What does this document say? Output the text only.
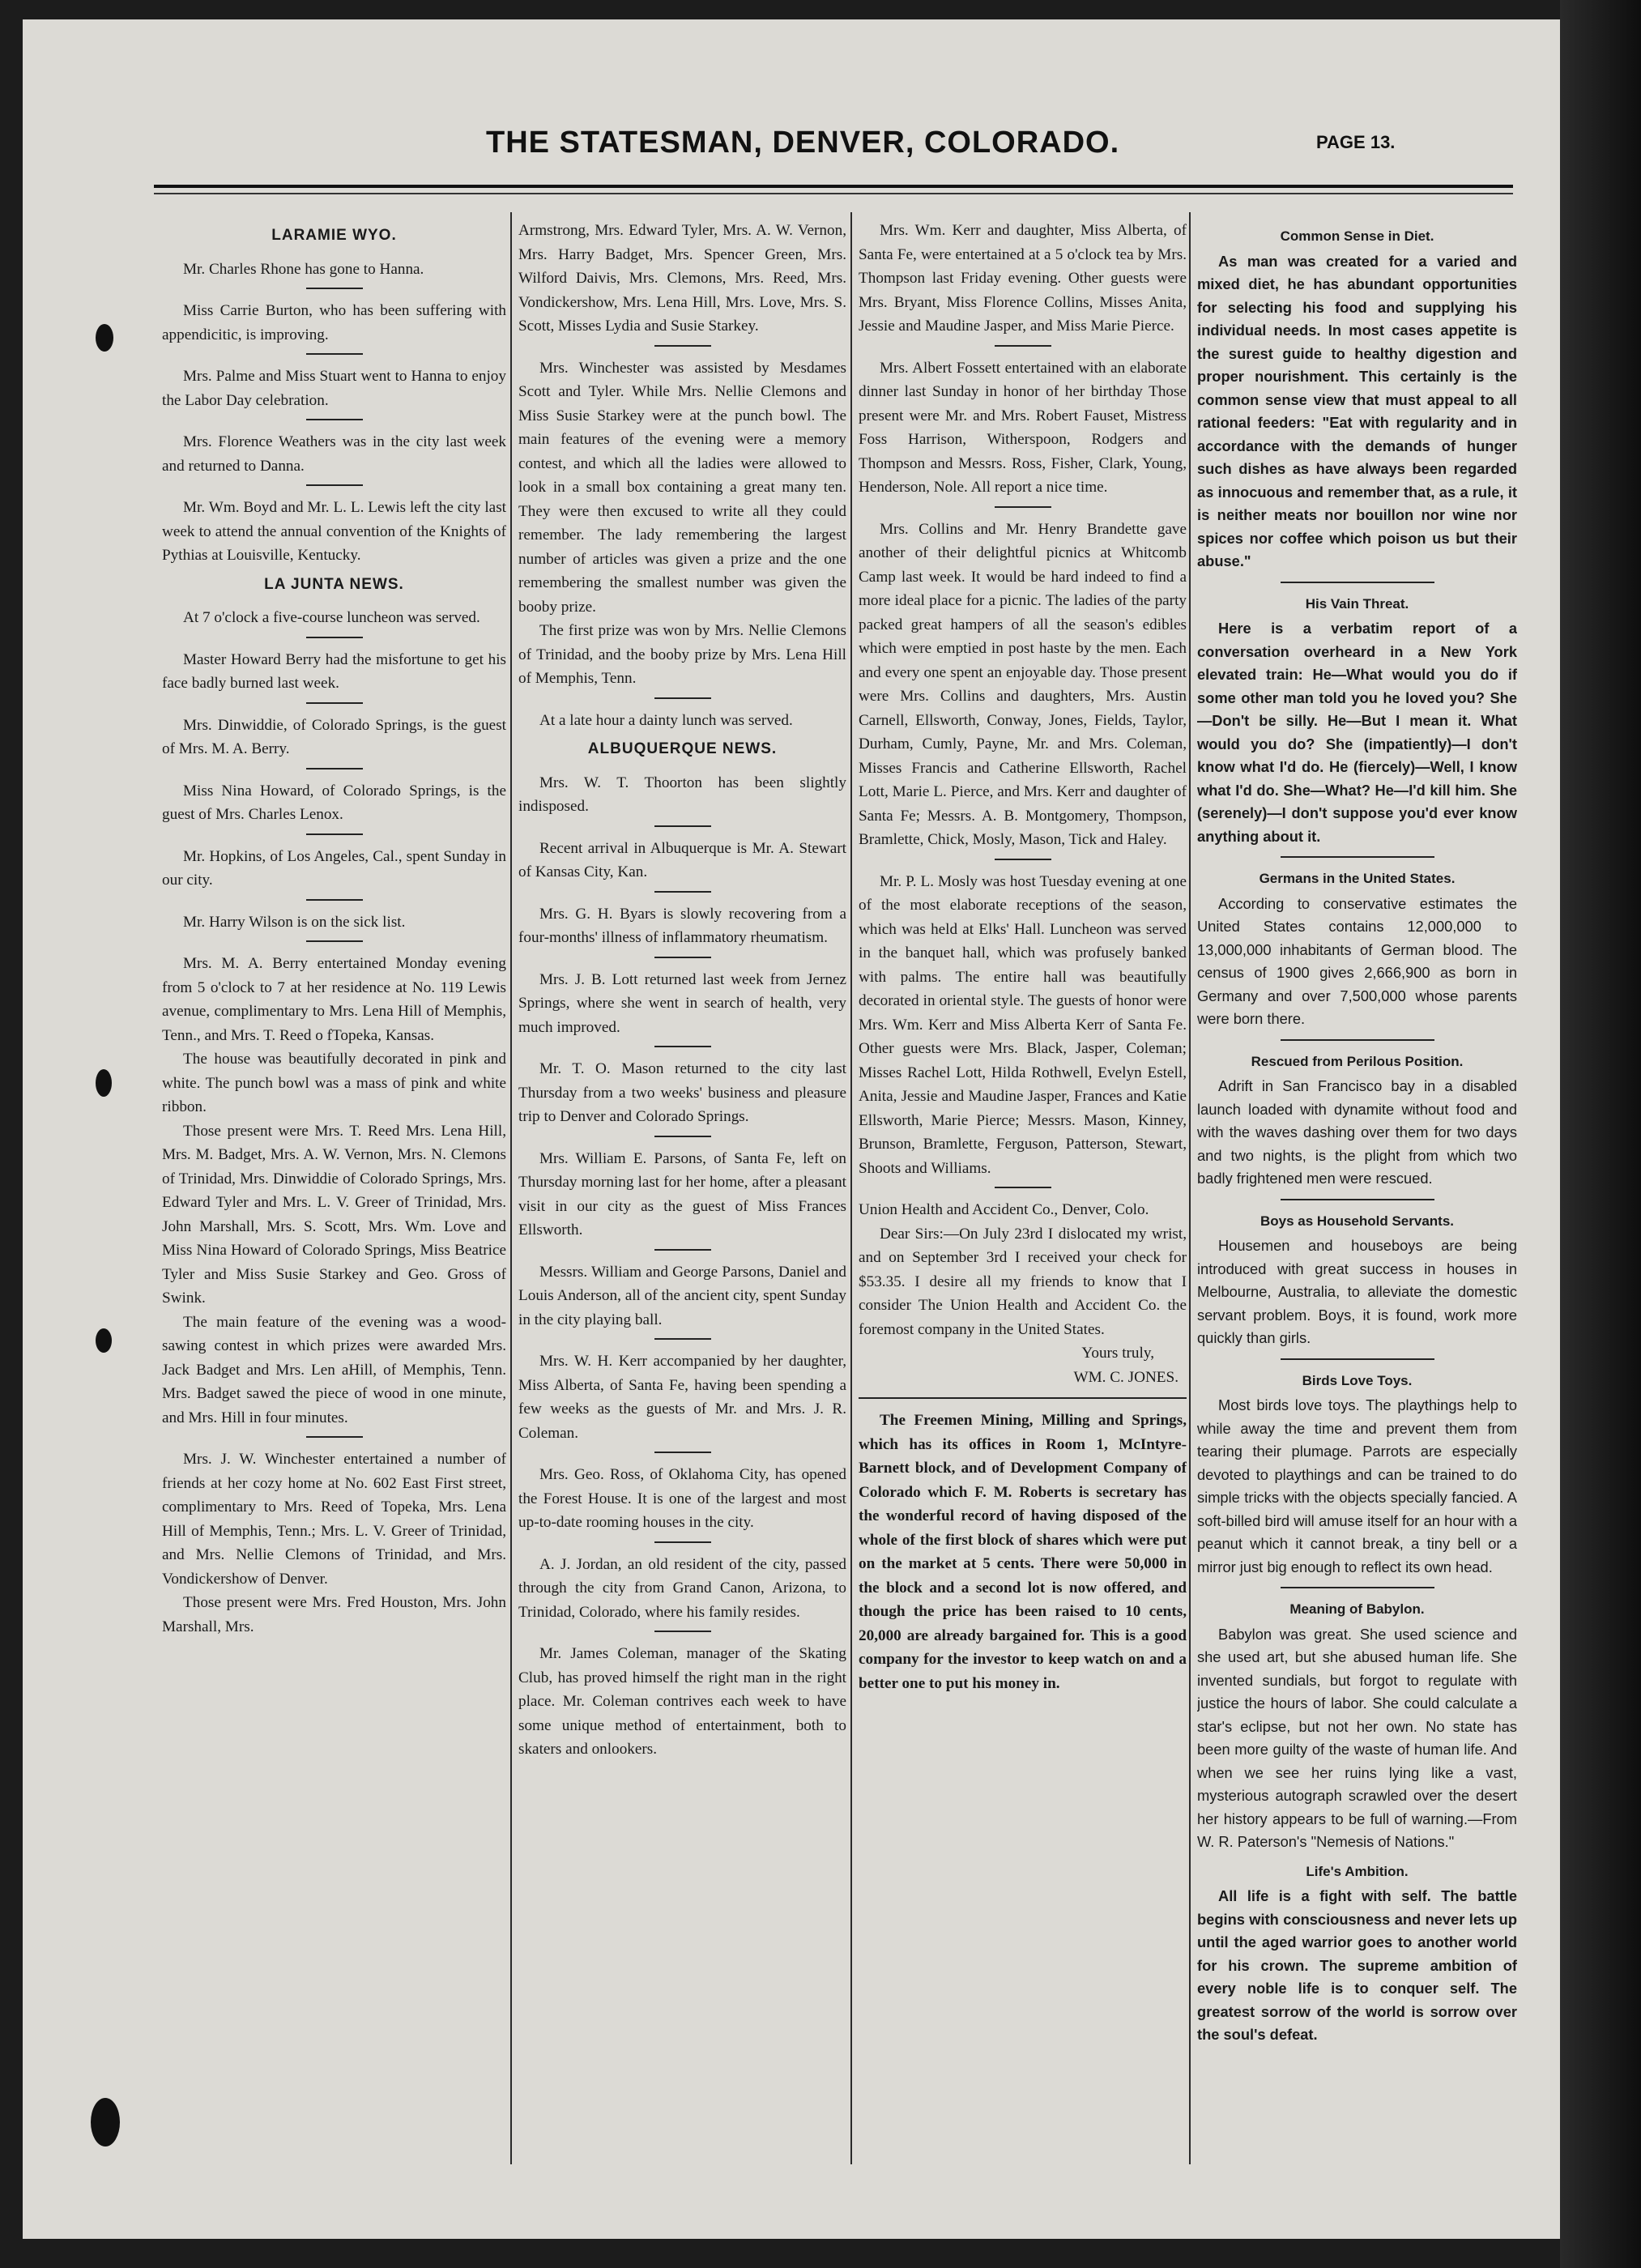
THE STATESMAN, DENVER, COLORADO.	PAGE 13.
LARAMIE WYO.

Mr. Charles Rhone has gone to Hanna.

Miss Carrie Burton, who has been suffering with appendicitic, is improving.

Mrs. Palme and Miss Stuart went to Hanna to enjoy the Labor Day celebration.

Mrs. Florence Weathers was in the city last week and returned to Danna.

Mr. Wm. Boyd and Mr. L. L. Lewis left the city last week to attend the annual convention of the Knights of Pythias at Louisville, Kentucky.

LA JUNTA NEWS.

At 7 o'clock a five-course luncheon was served.

Master Howard Berry had the misfortune to get his face badly burned last week.

Mrs. Dinwiddie, of Colorado Springs, is the guest of Mrs. M. A. Berry.

Miss Nina Howard, of Colorado Springs, is the guest of Mrs. Charles Lenox.

Mr. Hopkins, of Los Angeles, Cal., spent Sunday in our city.

Mr. Harry Wilson is on the sick list.

Mrs. M. A. Berry entertained Monday evening from 5 o'clock to 7 at her residence at No. 119 Lewis avenue, complimentary to Mrs. Lena Hill of Memphis, Tenn., and Mrs. T. Reed o fTopeka, Kansas.

The house was beautifully decorated in pink and white. The punch bowl was a mass of pink and white ribbon.

Those present were Mrs. T. Reed Mrs. Lena Hill, Mrs. M. Badget, Mrs. A. W. Vernon, Mrs. N. Clemons of Trinidad, Mrs. Dinwiddie of Colorado Springs, Mrs. Edward Tyler and Mrs. L. V. Greer of Trinidad, Mrs. John Marshall, Mrs. S. Scott, Mrs. Wm. Love and Miss Nina Howard of Colorado Springs, Miss Beatrice Tyler and Miss Susie Starkey and Geo. Gross of Swink.

The main feature of the evening was a wood-sawing contest in which prizes were awarded Mrs. Jack Badget and Mrs. Len aHill, of Memphis, Tenn. Mrs. Badget sawed the piece of wood in one minute, and Mrs. Hill in four minutes.

Mrs. J. W. Winchester entertained a number of friends at her cozy home at No. 602 East First street, complimentary to Mrs. Reed of Topeka, Mrs. Lena Hill of Memphis, Tenn.; Mrs. L. V. Greer of Trinidad, and Mrs. Nellie Clemons of Trinidad, and Mrs. Vondickershow of Denver.

Those present were Mrs. Fred Houston, Mrs. John Marshall, Mrs.

Armstrong, Mrs. Edward Tyler, Mrs. A. W. Vernon, Mrs. Harry Badget, Mrs. Spencer Green, Mrs. Wilford Daivis, Mrs. Clemons, Mrs. Reed, Mrs. Vondickershow, Mrs. Lena Hill, Mrs. Love, Mrs. S. Scott, Misses Lydia and Susie Starkey.

Mrs. Winchester was assisted by Mesdames Scott and Tyler. While Mrs. Nellie Clemons and Miss Susie Starkey were at the punch bowl. The main features of the evening were a memory contest, and which all the ladies were allowed to look in a small box containing a great many ten. They were then excused to write all they could remember. The lady remembering the largest number of articles was given a prize and the one remembering the smallest number was given the booby prize.

The first prize was won by Mrs. Nellie Clemons of Trinidad, and the booby prize by Mrs. Lena Hill of Memphis, Tenn.

At a late hour a dainty lunch was served.

ALBUQUERQUE NEWS.

Mrs. W. T. Thoorton has been slightly indisposed.

Recent arrival in Albuquerque is Mr. A. Stewart of Kansas City, Kan.

Mrs. G. H. Byars is slowly recovering from a four-months' illness of inflammatory rheumatism.

Mrs. J. B. Lott returned last week from Jernez Springs, where she went in search of health, very much improved.

Mr. T. O. Mason returned to the city last Thursday from a two weeks' business and pleasure trip to Denver and Colorado Springs.

Mrs. William E. Parsons, of Santa Fe, left on Thursday morning last for her home, after a pleasant visit in our city as the guest of Miss Frances Ellsworth.

Messrs. William and George Parsons, Daniel and Louis Anderson, all of the ancient city, spent Sunday in the city playing ball.

Mrs. W. H. Kerr accompanied by her daughter, Miss Alberta, of Santa Fe, having been spending a few weeks as the guests of Mr. and Mrs. J. R. Coleman.

Mrs. Geo. Ross, of Oklahoma City, has opened the Forest House. It is one of the largest and most up-to-date rooming houses in the city.

A. J. Jordan, an old resident of the city, passed through the city from Grand Canon, Arizona, to Trinidad, Colorado, where his family resides.

Mr. James Coleman, manager of the Skating Club, has proved himself the right man in the right place. Mr. Coleman contrives each week to have some unique method of entertainment, both to skaters and onlookers.

Mrs. Wm. Kerr and daughter, Miss Alberta, of Santa Fe, were entertained at a 5 o'clock tea by Mrs. Thompson last Friday evening. Other guests were Mrs. Bryant, Miss Florence Collins, Misses Anita, Jessie and Maudine Jasper, and Miss Marie Pierce.

Mrs. Albert Fossett entertained with an elaborate dinner last Sunday in honor of her birthday Those present were Mr. and Mrs. Robert Fauset, Mistress Foss Harrison, Witherspoon, Rodgers and Thompson and Messrs. Ross, Fisher, Clark, Young, Henderson, Nole. All report a nice time.

Mrs. Collins and Mr. Henry Brandette gave another of their delightful picnics at Whitcomb Camp last week. It would be hard indeed to find a more ideal place for a picnic. The ladies of the party packed great hampers of all the season's edibles which were emptied in post haste by the men. Each and every one spent an enjoyable day. Those present were Mrs. Collins and daughters, Mrs. Austin Carnell, Ellsworth, Conway, Jones, Fields, Taylor, Durham, Cumly, Payne, Mr. and Mrs. Coleman, Misses Francis and Catherine Ellsworth, Rachel Lott, Marie L. Pierce, and Mrs. Kerr and daughter of Santa Fe; Messrs. A. B. Montgomery, Thompson, Bramlette, Chick, Mosly, Mason, Tick and Haley.

Mr. P. L. Mosly was host Tuesday evening at one of the most elaborate receptions of the season, which was held at Elks' Hall. Luncheon was served in the banquet hall, which was profusely banked with palms. The entire hall was beautifully decorated in oriental style. The guests of honor were Mrs. Wm. Kerr and Miss Alberta Kerr of Santa Fe. Other guests were Mrs. Black, Jasper, Coleman; Misses Rachel Lott, Hilda Rothwell, Evelyn Estell, Anita, Jessie and Maudine Jasper, Frances and Katie Ellsworth, Marie Pierce; Messrs. Mason, Kinney, Brunson, Bramlette, Ferguson, Patterson, Stewart, Shoots and Williams.

Union Health and Accident Co., Denver, Colo.

Dear Sirs:—On July 23rd I dislocated my wrist, and on September 3rd I received your check for $53.35. I desire all my friends to know that I consider The Union Health and Accident Co. the foremost company in the United States.

Yours truly,

WM. C. JONES.

The Freemen Mining, Milling and Springs, which has its offices in Room 1, McIntyre-Barnett block, and of Development Company of Colorado which F. M. Roberts is secretary has the wonderful record of having disposed of the whole of the first block of shares which were put on the market at 5 cents. There were 50,000 in the block and a second lot is now offered, and though the price has been raised to 10 cents, 20,000 are already bargained for. This is a good company for the investor to keep watch on and a better one to put his money in.

Common Sense in Diet.

As man was created for a varied and mixed diet, he has abundant opportunities for selecting his food and supplying his individual needs. In most cases appetite is the surest guide to healthy digestion and proper nourishment. This certainly is the common sense view that must appeal to all rational feeders: "Eat with regularity and in accordance with the demands of hunger such dishes as have always been regarded as innocuous and remember that, as a rule, it is neither meats nor bouillon nor wine nor spices nor coffee which poison us but their abuse."

His Vain Threat.

Here is a verbatim report of a conversation overheard in a New York elevated train: He—What would you do if some other man told you he loved you? She—Don't be silly. He—But I mean it. What would you do? She (impatiently)—I don't know what I'd do. He (fiercely)—Well, I know what I'd do. She—What? He—I'd kill him. She (serenely)—I don't suppose you'd ever know anything about it.

Germans in the United States.

According to conservative estimates the United States contains 12,000,000 to 13,000,000 inhabitants of German blood. The census of 1900 gives 2,666,900 as born in Germany and over 7,500,000 whose parents were born there.

Rescued from Perilous Position.

Adrift in San Francisco bay in a disabled launch loaded with dynamite without food and with the waves dashing over them for two days and two nights, is the plight from which two badly frightened men were rescued.

Boys as Household Servants.

Housemen and houseboys are being introduced with great success in houses in Melbourne, Australia, to alleviate the domestic servant problem. Boys, it is found, work more quickly than girls.

Birds Love Toys.

Most birds love toys. The playthings help to while away the time and prevent them from tearing their plumage. Parrots are especially devoted to playthings and can be trained to do simple tricks with the objects specially fancied. A soft-billed bird will amuse itself for an hour with a peanut which it cannot break, a tiny bell or a mirror just big enough to reflect its own head.

Meaning of Babylon.

Babylon was great. She used science and she used art, but she abused human life. She invented sundials, but forgot to regulate with justice the hours of labor. She could calculate a star's eclipse, but not her own. No state has been more guilty of the waste of human life. And when we see her ruins lying like a vast, mysterious autograph scrawled over the desert her history appears to be full of warning.—From W. R. Paterson's "Nemesis of Nations."

Life's Ambition.

All life is a fight with self. The battle begins with consciousness and never lets up until the aged warrior goes to another world for his crown. The supreme ambition of every noble life is to conquer self. The greatest sorrow of the world is sorrow over the soul's defeat.
